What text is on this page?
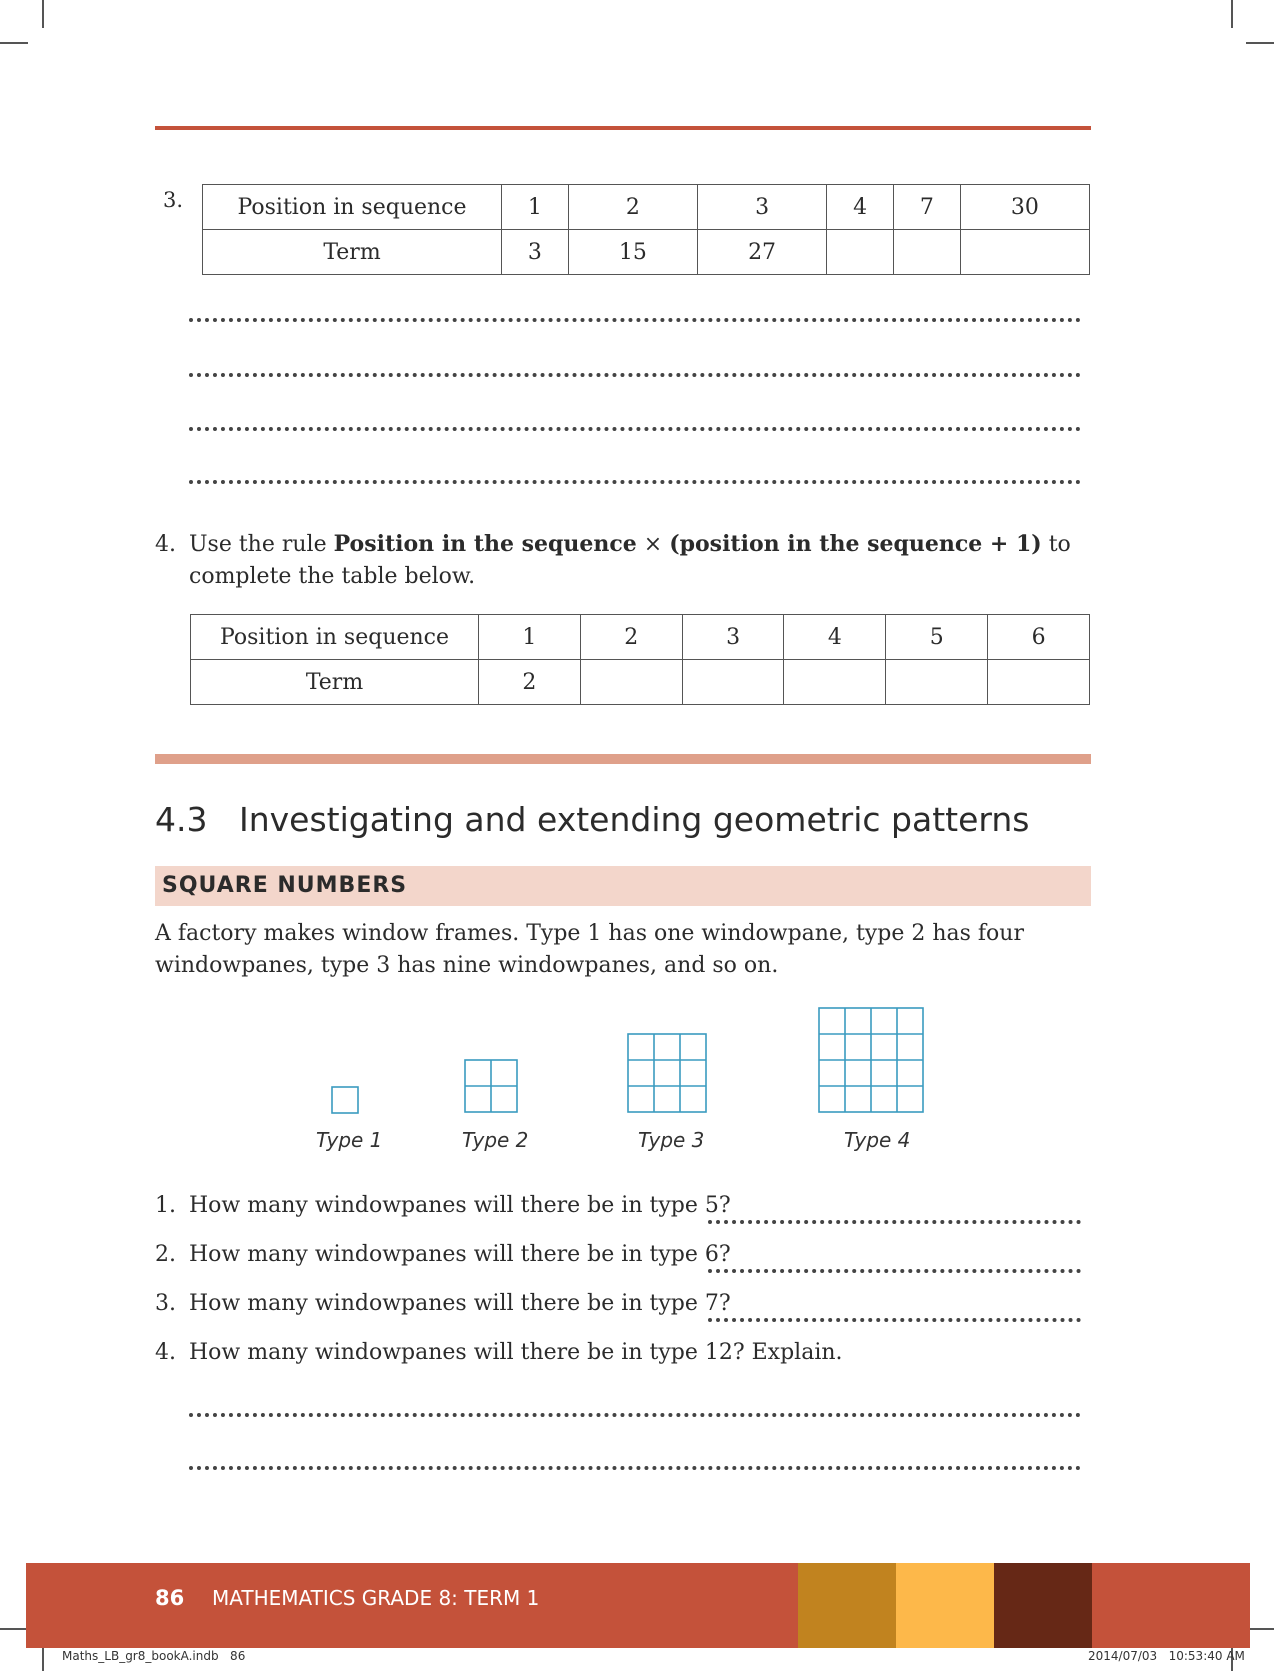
3. Position in sequence	1	2	3	4	7	30
Term	3	15	27			
4. Use the rule Position in the sequence × (position in the sequence + 1) to
complete the table below.
Position in sequence	1	2	3	4	5	6
Term	2					
4.3 Investigating and extending geometric patterns
SQUARE NUMBERS
A factory makes window frames. Type 1 has one windowpane, type 2 has four
windowpanes, type 3 has nine windowpanes, and so on.
Type 1	Type 2	Type 3	Type 4
1. How many windowpanes will there be in type 5?
2. How many windowpanes will there be in type 6?
3. How many windowpanes will there be in type 7?
4. How many windowpanes will there be in type 12? Explain.
86 MATHEMATICS GRADE 8: TERM 1
Maths_LB_gr8_bookA.indb   86	2014/07/03   10:53:40 AM
